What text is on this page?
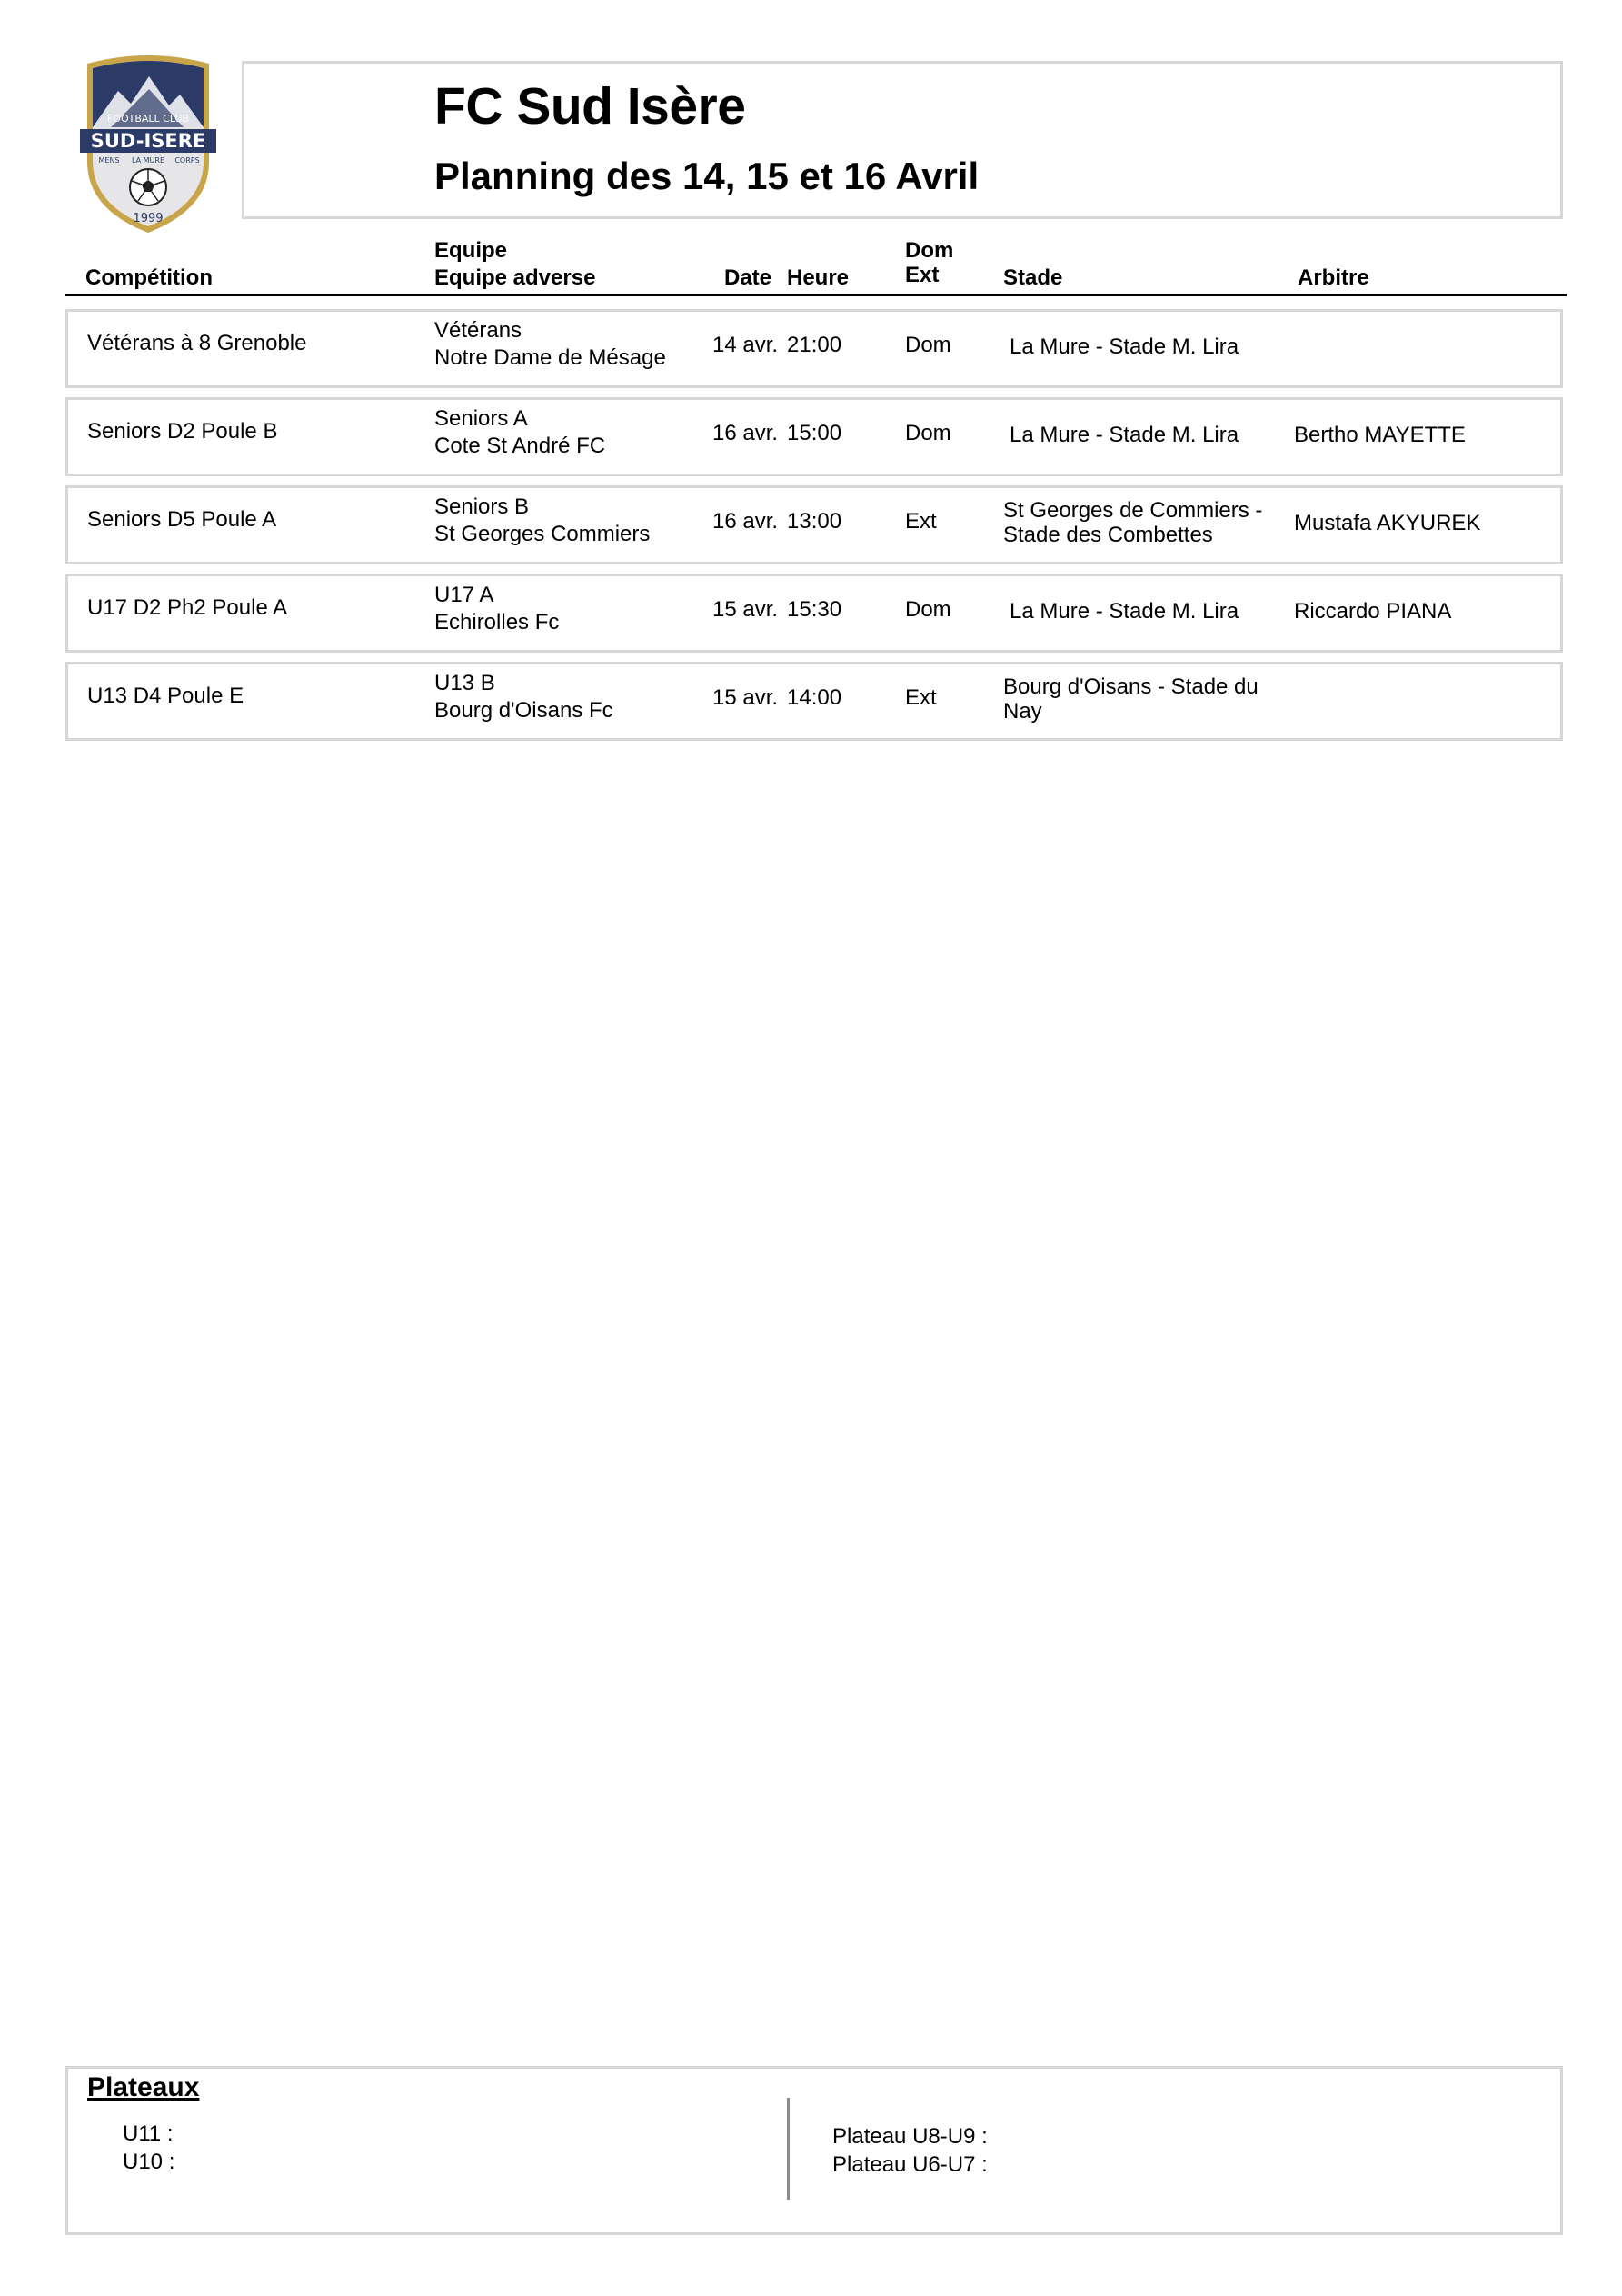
FOOTBALL CLUB
SUD-ISERE
MENS LA MURE CORPS
1999
FC Sud Isère
Planning des 14, 15 et 16 Avril
Compétition
Equipe
Equipe adverse	Date Heure
Dom
Ext	Stade	Arbitre
Vétérans à 8 Grenoble
Vétérans
Notre Dame de Mésage
14 avr. 21:00	Dom	La Mure - Stade M. Lira
Seniors D2 Poule B
Seniors A
Cote St André FC
16 avr. 15:00	Dom	La Mure - Stade M. Lira	Bertho MAYETTE
Seniors D5 Poule A
Seniors B
St Georges Commiers
16 avr. 13:00	Ext	St Georges de Commiers -
Stade des Combettes	Mustafa AKYUREK
U17 D2 Ph2 Poule A
U17 A
Echirolles Fc
15 avr. 15:30	Dom	La Mure - Stade M. Lira	Riccardo PIANA
U13 D4 Poule E
U13 B
Bourg d'Oisans Fc
15 avr. 14:00	Ext	Bourg d'Oisans - Stade du
Nay
Plateaux
U11 :
U10 :
Plateau U8-U9 :
Plateau U6-U7 :
